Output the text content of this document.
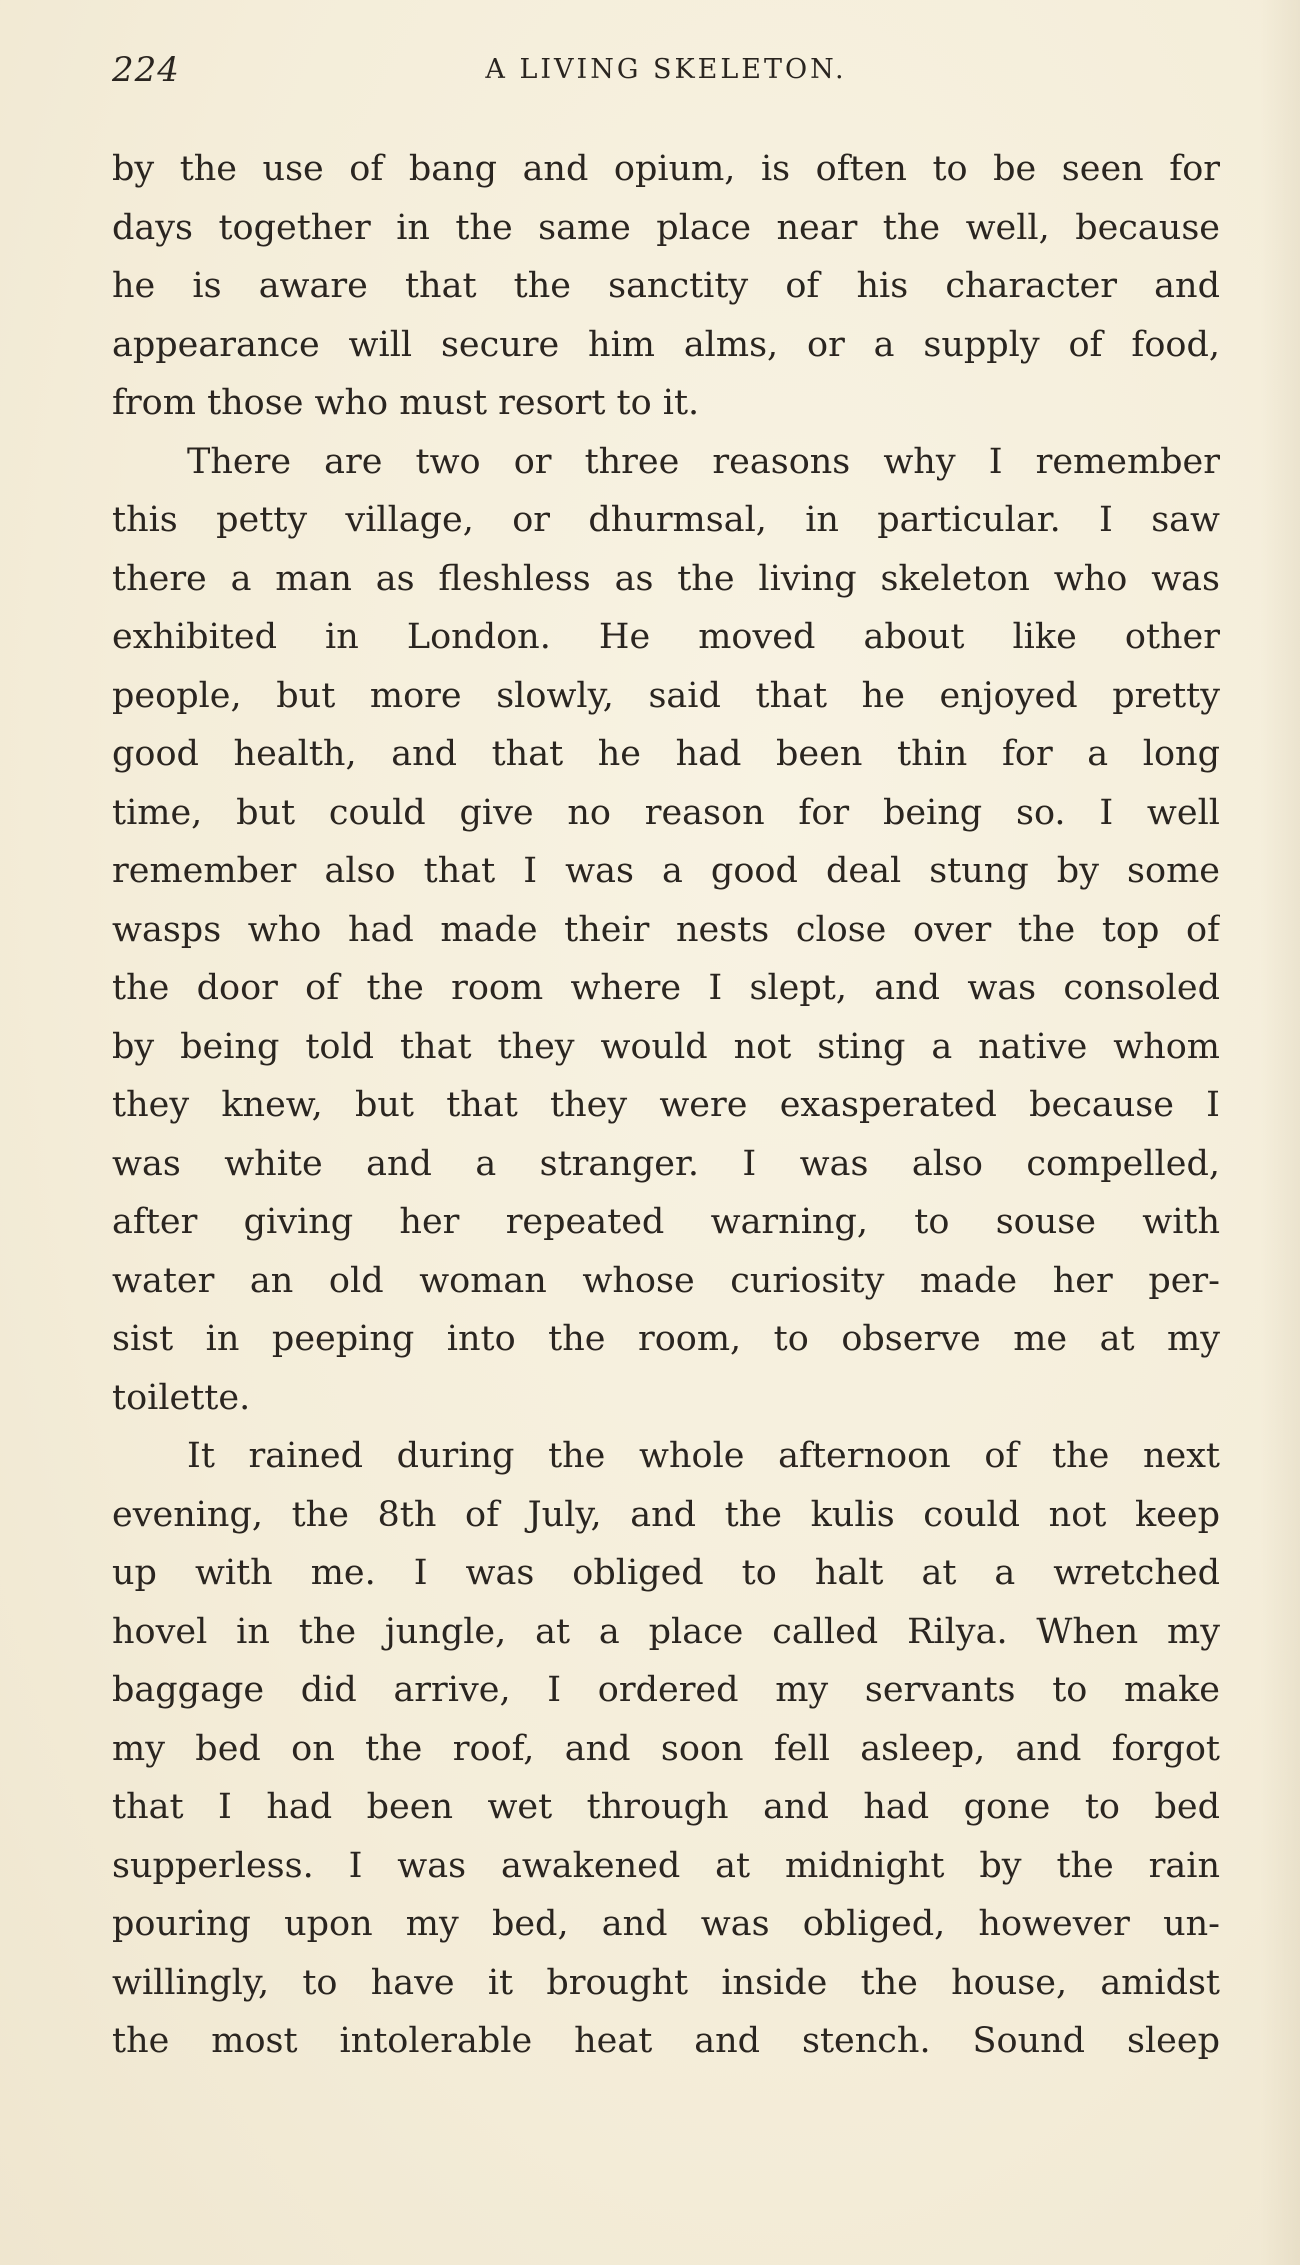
224	A LIVING SKELETON.
by the use of bang and opium, is often to be seen for
days together in the same place near the well, because
he is aware that the sanctity of his character and
appearance will secure him alms, or a supply of food,
from those who must resort to it.
There are two or three reasons why I remember
this petty village, or dhurmsal, in particular. I saw
there a man as fleshless as the living skeleton who was
exhibited in London. He moved about like other
people, but more slowly, said that he enjoyed pretty
good health, and that he had been thin for a long
time, but could give no reason for being so. I well
remember also that I was a good deal stung by some
wasps who had made their nests close over the top of
the door of the room where I slept, and was consoled
by being told that they would not sting a native whom
they knew, but that they were exasperated because I
was white and a stranger. I was also compelled,
after giving her repeated warning, to souse with
water an old woman whose curiosity made her per-
sist in peeping into the room, to observe me at my
toilette.
It rained during the whole afternoon of the next
evening, the 8th of July, and the kulis could not keep
up with me. I was obliged to halt at a wretched
hovel in the jungle, at a place called Rilya. When my
baggage did arrive, I ordered my servants to make
my bed on the roof, and soon fell asleep, and forgot
that I had been wet through and had gone to bed
supperless. I was awakened at midnight by the rain
pouring upon my bed, and was obliged, however un-
willingly, to have it brought inside the house, amidst
the most intolerable heat and stench. Sound sleep
